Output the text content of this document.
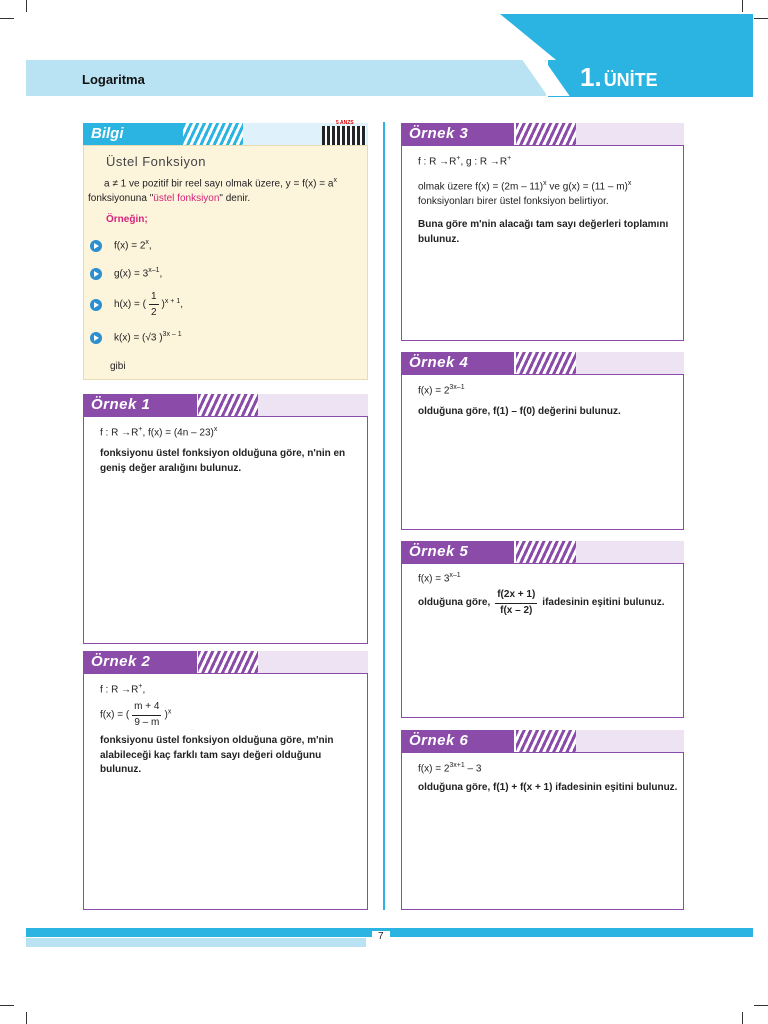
Logaritma	1. ÜNİTE
Bilgi
5 ANZS
Üstel Fonksiyon
a ≠ 1 ve pozitif bir reel sayı olmak üzere, $y = f(x) = a^x$
fonksiyonuna "üstel fonksiyon" denir.
Örneğin;
$f(x) = 2^x$,
$g(x) = 3^{x-1}$,
h(x) = ( $\frac{1}{2} )^{x + 1}$,
k(x) = (√3 )$^{3x - 1}$
gibi
Örnek 1
f : R →R+, f(x) = (4n – 23)$^x$
fonksiyonu üstel fonksiyon olduğuna göre, n'nin en geniş değer aralığını bulunuz.
Örnek 2
f : R →R+,
f(x) = ( $\frac{m + 4}{9 - m} )^x$
fonksiyonu üstel fonksiyon olduğuna göre, m'nin alabileceği kaç farklı tam sayı değeri olduğunu bulunuz.
Örnek 3
f : R →R+, g : R →R+
olmak üzere f(x) = (2m – 11)$^x$ ve g(x) = (11 – m)$^x$
fonksiyonları birer üstel fonksiyon belirtiyor.
Buna göre m'nin alacağı tam sayı değerleri toplamını bulunuz.
Örnek 4
$f(x) = 2^{3x-1}$
olduğuna göre, f(1) – f(0) değerini bulunuz.
Örnek 5
$f(x) = 3^{x-1}$
olduğuna göre, $\frac{f(2x + 1)}{f(x - 2)}$ ifadesinin eşitini bulunuz.
Örnek 6
$f(x) = 2^{3x+1} - 3$
olduğuna göre, f(1) + f(x + 1) ifadesinin eşitini bulunuz.
7
